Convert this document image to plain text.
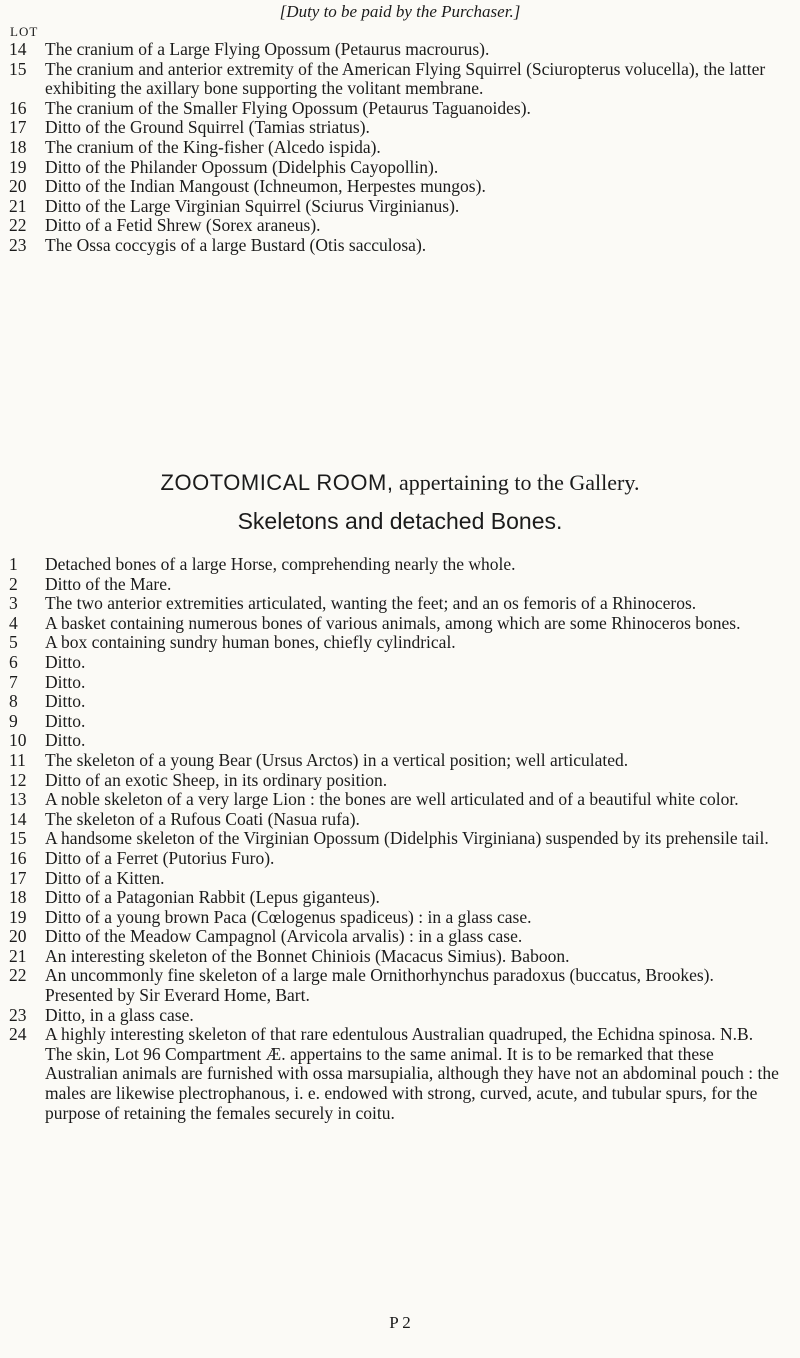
[Duty to be paid by the Purchaser.]
LOT
14	The cranium of a Large Flying Opossum (Petaurus macrourus).
15	The cranium and anterior extremity of the American Flying Squirrel (Sciuropterus volucella), the latter exhibiting the axillary bone supporting the volitant membrane.
16	The cranium of the Smaller Flying Opossum (Petaurus Taguanoides).
17	Ditto of the Ground Squirrel (Tamias striatus).
18	The cranium of the King-fisher (Alcedo ispida).
19	Ditto of the Philander Opossum (Didelphis Cayopollin).
20	Ditto of the Indian Mangoust (Ichneumon, Herpestes mungos).
21	Ditto of the Large Virginian Squirrel (Sciurus Virginianus).
22	Ditto of a Fetid Shrew (Sorex araneus).
23	The Ossa coccygis of a large Bustard (Otis sacculosa).
ZOOTOMICAL ROOM, appertaining to the Gallery.
Skeletons and detached Bones.
1	Detached bones of a large Horse, comprehending nearly the whole.
2	Ditto of the Mare.
3	The two anterior extremities articulated, wanting the feet; and an os femoris of a Rhinoceros.
4	A basket containing numerous bones of various animals, among which are some Rhinoceros bones.
5	A box containing sundry human bones, chiefly cylindrical.
6	Ditto.
7	Ditto.
8	Ditto.
9	Ditto.
10	Ditto.
11	The skeleton of a young Bear (Ursus Arctos) in a vertical position; well articulated.
12	Ditto of an exotic Sheep, in its ordinary position.
13	A noble skeleton of a very large Lion : the bones are well articulated and of a beautiful white color.
14	The skeleton of a Rufous Coati (Nasua rufa).
15	A handsome skeleton of the Virginian Opossum (Didelphis Virginiana) suspended by its prehensile tail.
16	Ditto of a Ferret (Putorius Furo).
17	Ditto of a Kitten.
18	Ditto of a Patagonian Rabbit (Lepus giganteus).
19	Ditto of a young brown Paca (Cœlogenus spadiceus) : in a glass case.
20	Ditto of the Meadow Campagnol (Arvicola arvalis) : in a glass case.
21	An interesting skeleton of the Bonnet Chiniois (Macacus Simius). Baboon.
22	An uncommonly fine skeleton of a large male Ornithorhynchus paradoxus (buccatus, Brookes). Presented by Sir Everard Home, Bart.
23	Ditto, in a glass case.
24	A highly interesting skeleton of that rare edentulous Australian quadruped, the Echidna spinosa. N.B. The skin, Lot 96 Compartment Æ. appertains to the same animal. It is to be remarked that these Australian animals are furnished with ossa marsupialia, although they have not an abdominal pouch : the males are likewise plectrophanous, i. e. endowed with strong, curved, acute, and tubular spurs, for the purpose of retaining the females securely in coitu.
P 2
